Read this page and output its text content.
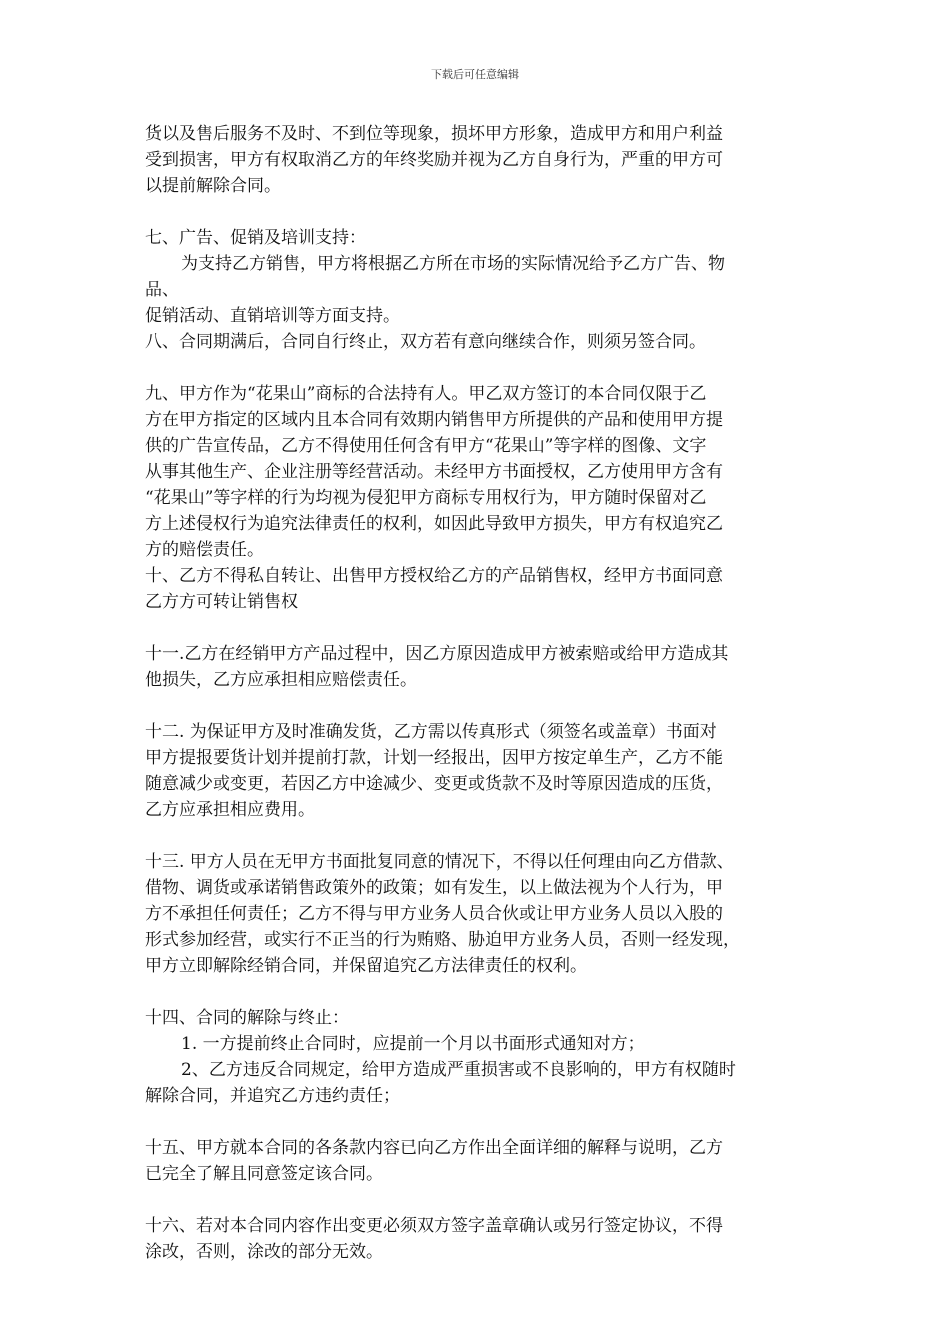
下载后可任意编辑
货以及售后服务不及时、不到位等现象，损坏甲方形象，造成甲方和用户利益
受到损害，甲方有权取消乙方的年终奖励并视为乙方自身行为，严重的甲方可
以提前解除合同。
七、广告、促销及培训支持：
为支持乙方销售，甲方将根据乙方所在市场的实际情况给予乙方广告、物
品、
促销活动、直销培训等方面支持。
八、合同期满后，合同自行终止，双方若有意向继续合作，则须另签合同。
九、甲方作为“花果山”商标的合法持有人。甲乙双方签订的本合同仅限于乙
方在甲方指定的区域内且本合同有效期内销售甲方所提供的产品和使用甲方提
供的广告宣传品，乙方不得使用任何含有甲方“花果山”等字样的图像、文字
从事其他生产、企业注册等经营活动。未经甲方书面授权，乙方使用甲方含有
“花果山”等字样的行为均视为侵犯甲方商标专用权行为，甲方随时保留对乙
方上述侵权行为追究法律责任的权利，如因此导致甲方损失，甲方有权追究乙
方的赔偿责任。
十、乙方不得私自转让、出售甲方授权给乙方的产品销售权，经甲方书面同意
乙方方可转让销售权
十一.乙方在经销甲方产品过程中，因乙方原因造成甲方被索赔或给甲方造成其
他损失，乙方应承担相应赔偿责任。
十二. 为保证甲方及时准确发货，乙方需以传真形式（须签名或盖章）书面对
甲方提报要货计划并提前打款，计划一经报出，因甲方按定单生产，乙方不能
随意减少或变更，若因乙方中途减少、变更或货款不及时等原因造成的压货，
乙方应承担相应费用。
十三. 甲方人员在无甲方书面批复同意的情况下，不得以任何理由向乙方借款、
借物、调货或承诺销售政策外的政策；如有发生，以上做法视为个人行为，甲
方不承担任何责任；乙方不得与甲方业务人员合伙或让甲方业务人员以入股的
形式参加经营，或实行不正当的行为贿赂、胁迫甲方业务人员，否则一经发现，
甲方立即解除经销合同，并保留追究乙方法律责任的权利。
十四、合同的解除与终止：
1. 一方提前终止合同时，应提前一个月以书面形式通知对方；
2、乙方违反合同规定，给甲方造成严重损害或不良影响的，甲方有权随时
解除合同，并追究乙方违约责任；
十五、甲方就本合同的各条款内容已向乙方作出全面详细的解释与说明，乙方
已完全了解且同意签定该合同。
十六、若对本合同内容作出变更必须双方签字盖章确认或另行签定协议，不得
涂改，否则，涂改的部分无效。
